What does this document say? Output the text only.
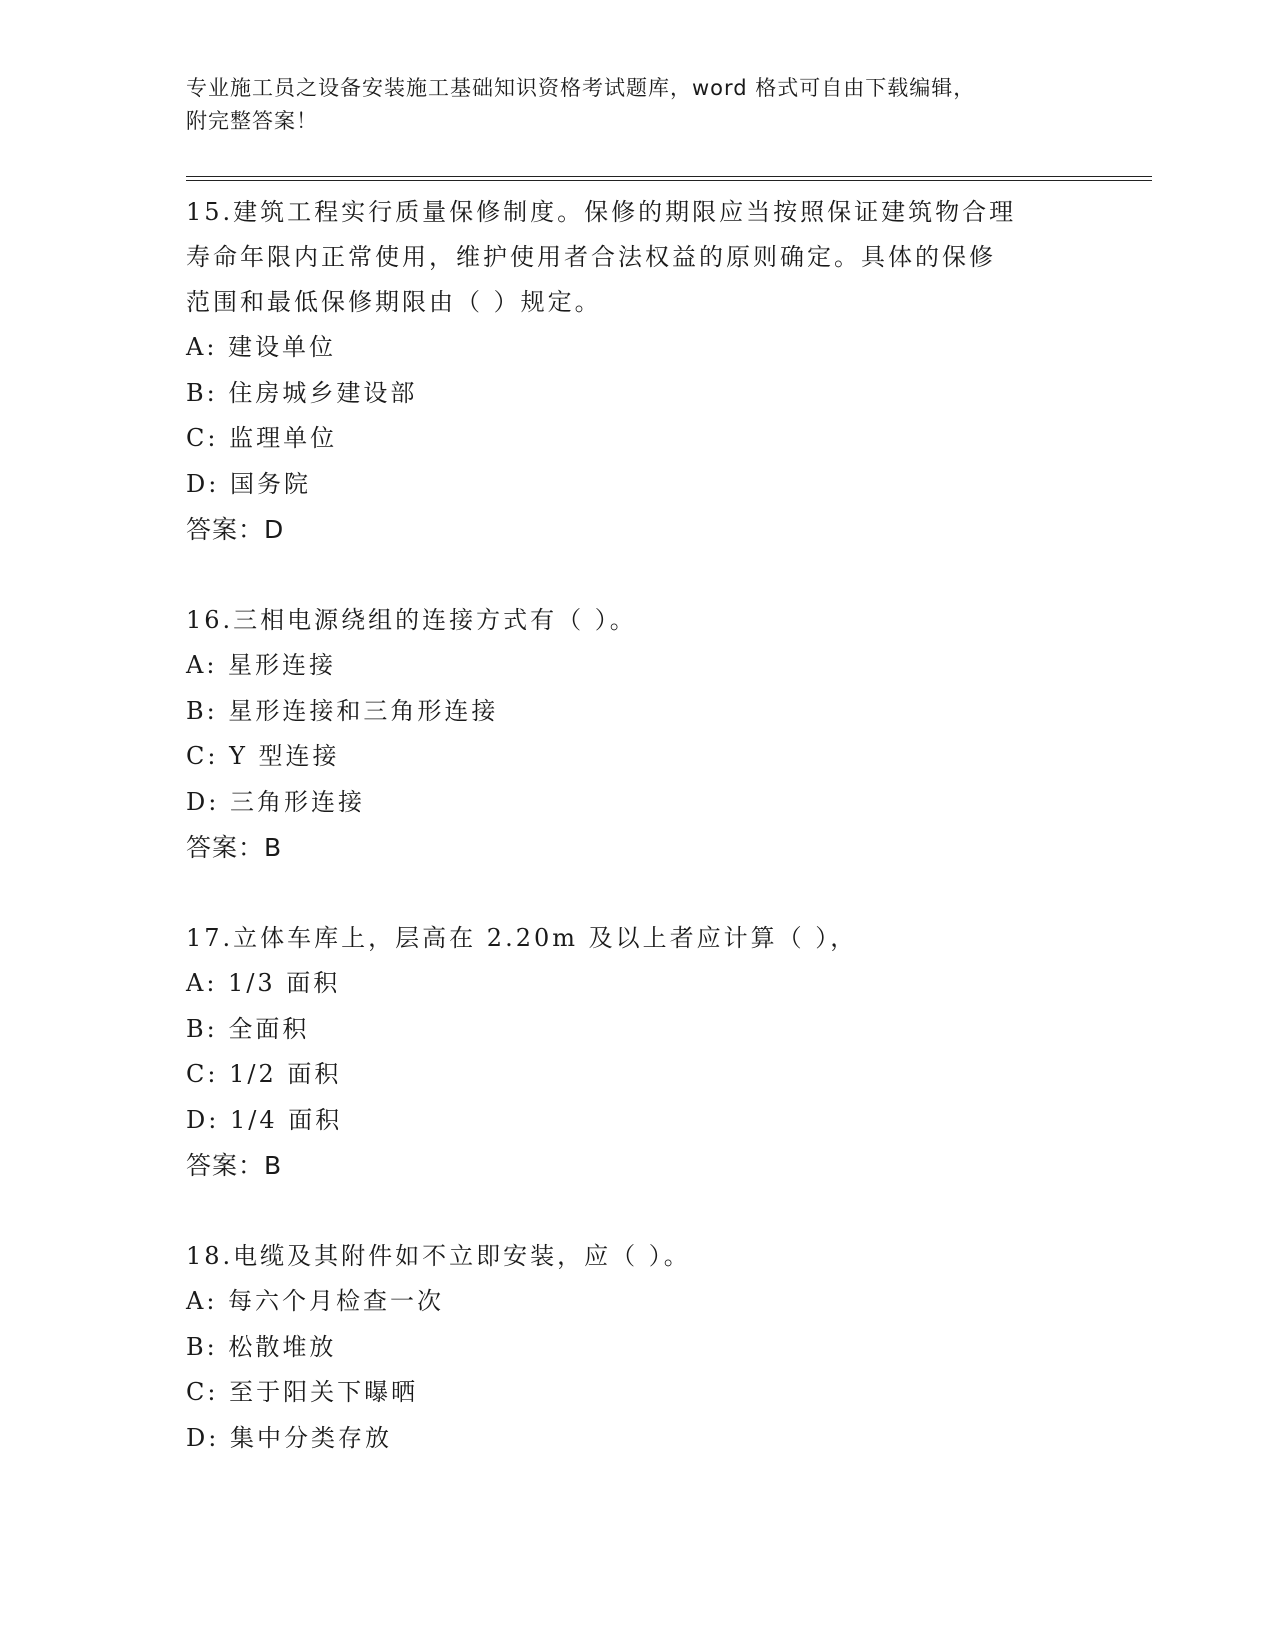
专业施工员之设备安装施工基础知识资格考试题库，word 格式可自由下载编辑，
附完整答案！

15.建筑工程实行质量保修制度。保修的期限应当按照保证建筑物合理

寿命年限内正常使用，维护使用者合法权益的原则确定。具体的保修

范围和最低保修期限由（ ）规定。

A: 建设单位

B: 住房城乡建设部

C: 监理单位

D: 国务院

答案：D

16.三相电源绕组的连接方式有（ ）。

A: 星形连接

B: 星形连接和三角形连接

C: Y 型连接

D: 三角形连接

答案：B

17.立体车库上，层高在 2.20m 及以上者应计算（ ），

A: 1/3 面积

B: 全面积

C: 1/2 面积

D: 1/4 面积

答案：B

18.电缆及其附件如不立即安装，应（ ）。

A: 每六个月检查一次

B: 松散堆放

C: 至于阳关下曝晒

D: 集中分类存放
